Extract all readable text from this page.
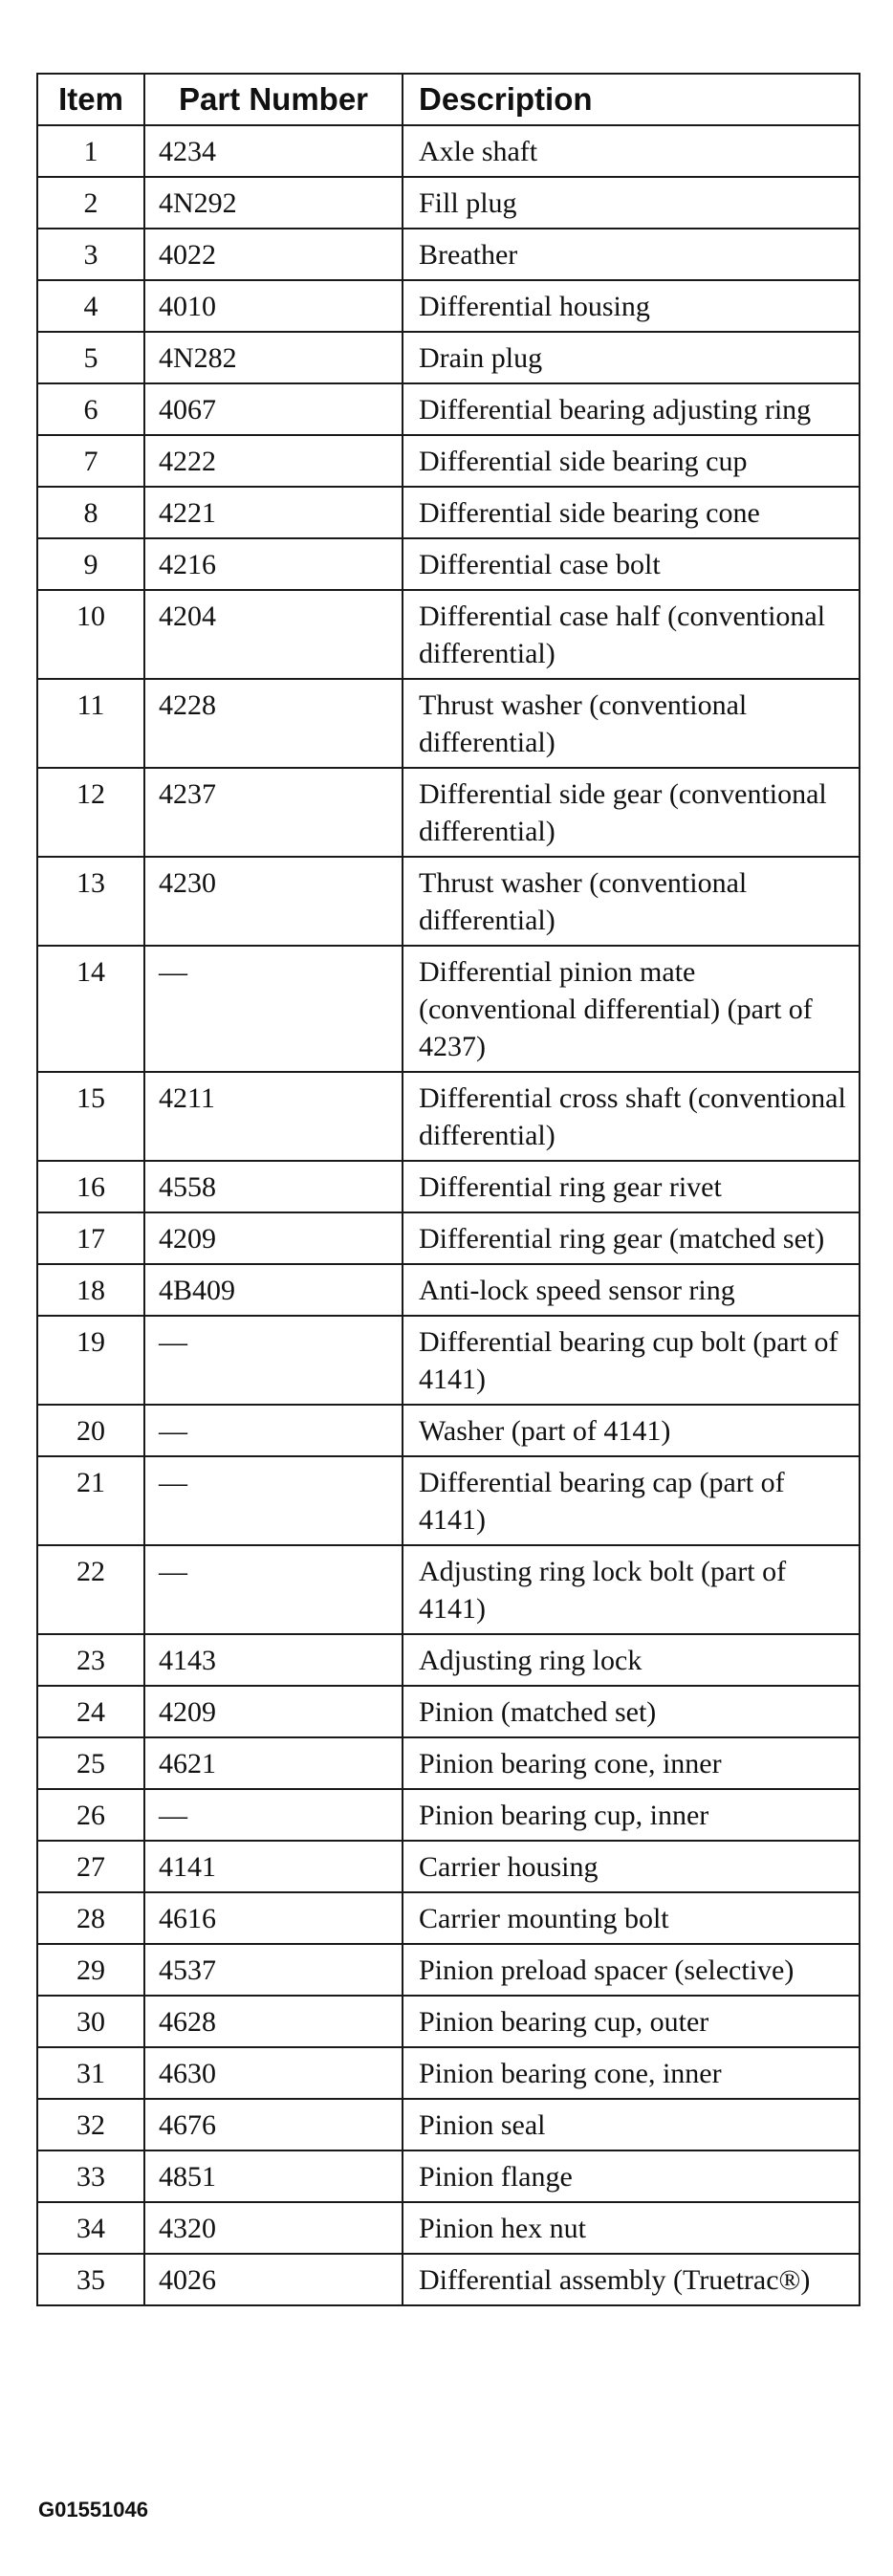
Item	Part Number	Description
1	4234	Axle shaft
2	4N292	Fill plug
3	4022	Breather
4	4010	Differential housing
5	4N282	Drain plug
6	4067	Differential bearing adjusting ring
7	4222	Differential side bearing cup
8	4221	Differential side bearing cone
9	4216	Differential case bolt
10	4204	Differential case half (conventional differential)
11	4228	Thrust washer (conventional differential)
12	4237	Differential side gear (conventional differential)
13	4230	Thrust washer (conventional differential)
14	—	Differential pinion mate (conventional differential) (part of 4237)
15	4211	Differential cross shaft (conventional differential)
16	4558	Differential ring gear rivet
17	4209	Differential ring gear (matched set)
18	4B409	Anti-lock speed sensor ring
19	—	Differential bearing cup bolt (part of 4141)
20	—	Washer (part of 4141)
21	—	Differential bearing cap (part of 4141)
22	—	Adjusting ring lock bolt (part of 4141)
23	4143	Adjusting ring lock
24	4209	Pinion (matched set)
25	4621	Pinion bearing cone, inner
26	—	Pinion bearing cup, inner
27	4141	Carrier housing
28	4616	Carrier mounting bolt
29	4537	Pinion preload spacer (selective)
30	4628	Pinion bearing cup, outer
31	4630	Pinion bearing cone, inner
32	4676	Pinion seal
33	4851	Pinion flange
34	4320	Pinion hex nut
35	4026	Differential assembly (Truetrac®)
G01551046
